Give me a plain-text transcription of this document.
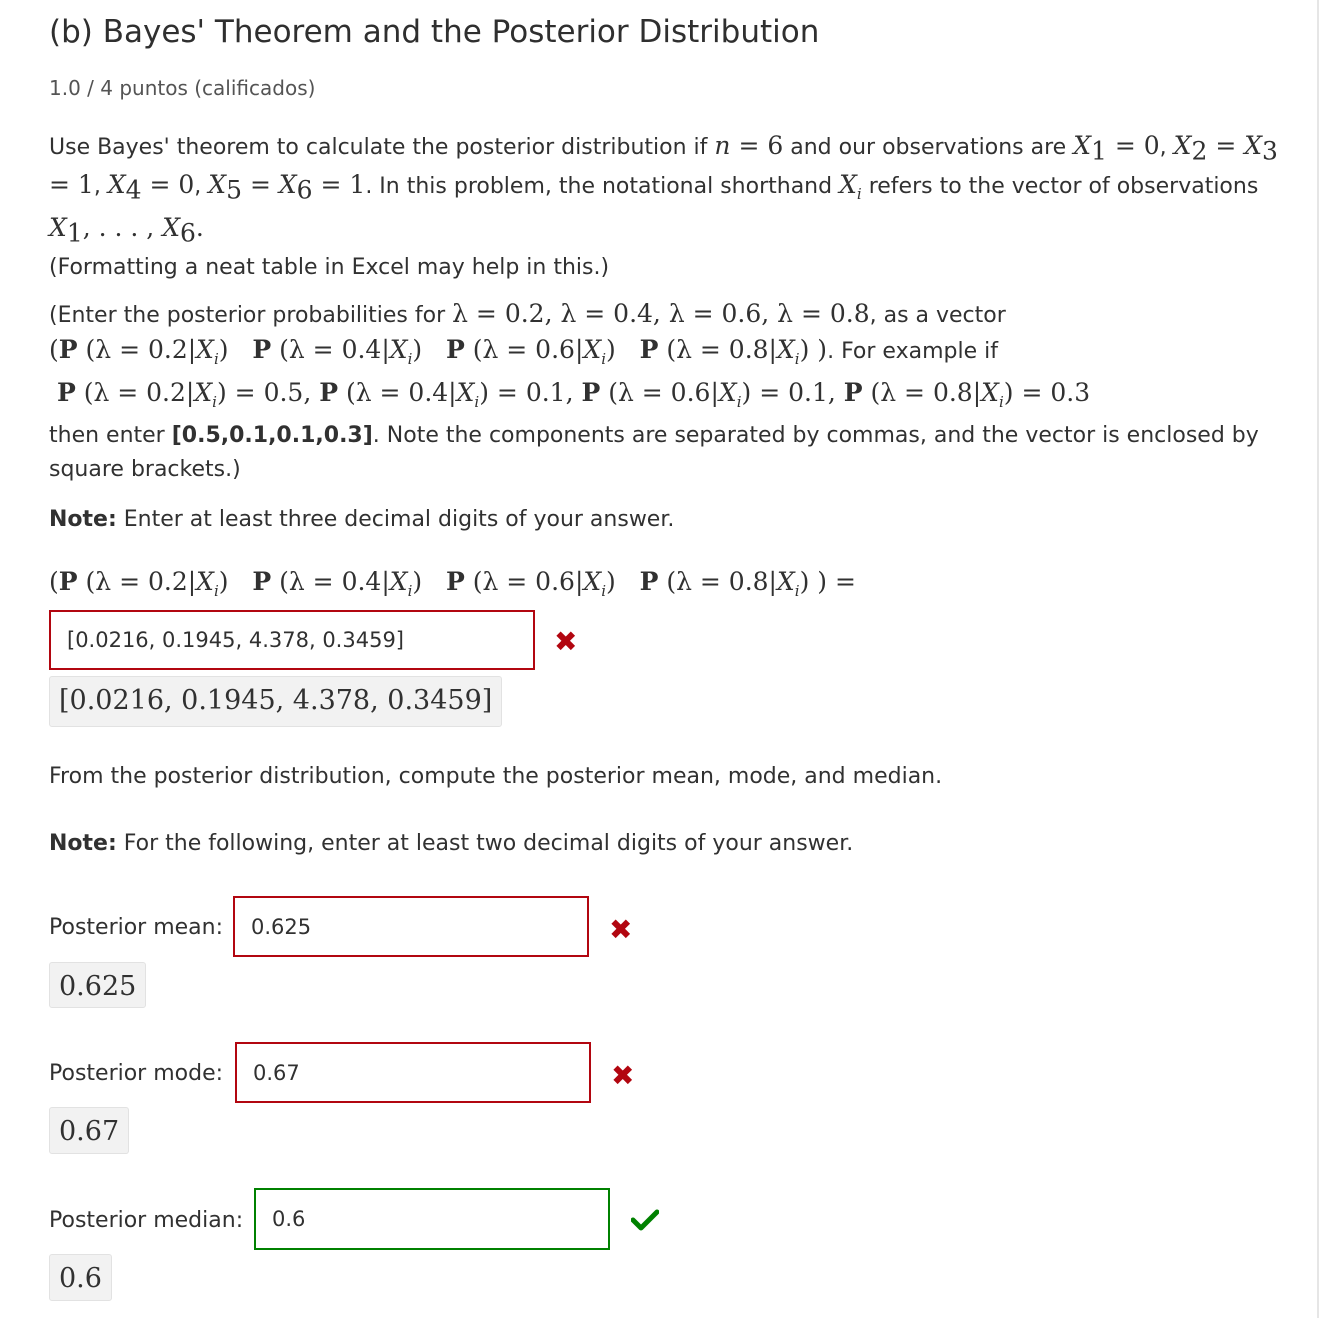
(b) Bayes' Theorem and the Posterior Distribution
1.0 / 4 puntos (calificados)
Use Bayes' theorem to calculate the posterior distribution if n = 6 and our observations are $X_1 = 0$, $X_2 = X_3 = 1$, $X_4 = 0$, $X_5 = X_6 = 1$. In this problem, the notational shorthand $X_i$ refers to the vector of observations $X_1$, . . . , $X_6$.
(Formatting a neat table in Excel may help in this.)
(Enter the posterior probabilities for λ = 0.2, λ = 0.4, λ = 0.6, λ = 0.8, as a vector
(P $(\lambda = 0.2|X_i)$   P $(\lambda = 0.4|X_i)$   P $(\lambda = 0.6|X_i)$   P $(\lambda = 0.8|X_i)$ ). For example if
P $(\lambda = 0.2|X_i) = 0.5$, P $(\lambda = 0.4|X_i) = 0.1$, P $(\lambda = 0.6|X_i) = 0.1$, P $(\lambda = 0.8|X_i) = 0.3$
then enter [0.5,0.1,0.1,0.3]. Note the components are separated by commas, and the vector is enclosed by square brackets.)
Note: Enter at least three decimal digits of your answer.
(P $(\lambda = 0.2|X_i)$   P $(\lambda = 0.4|X_i)$   P $(\lambda = 0.6|X_i)$   P $(\lambda = 0.8|X_i)$ ) =
[0.0216, 0.1945, 4.378, 0.3459]
✖
[0.0216, 0.1945, 4.378, 0.3459]
From the posterior distribution, compute the posterior mean, mode, and median.
Note: For the following, enter at least two decimal digits of your answer.
Posterior mean:
0.625	✖
0.625
Posterior mode:
0.67	✖
0.67
Posterior median:
0.6
0.6
